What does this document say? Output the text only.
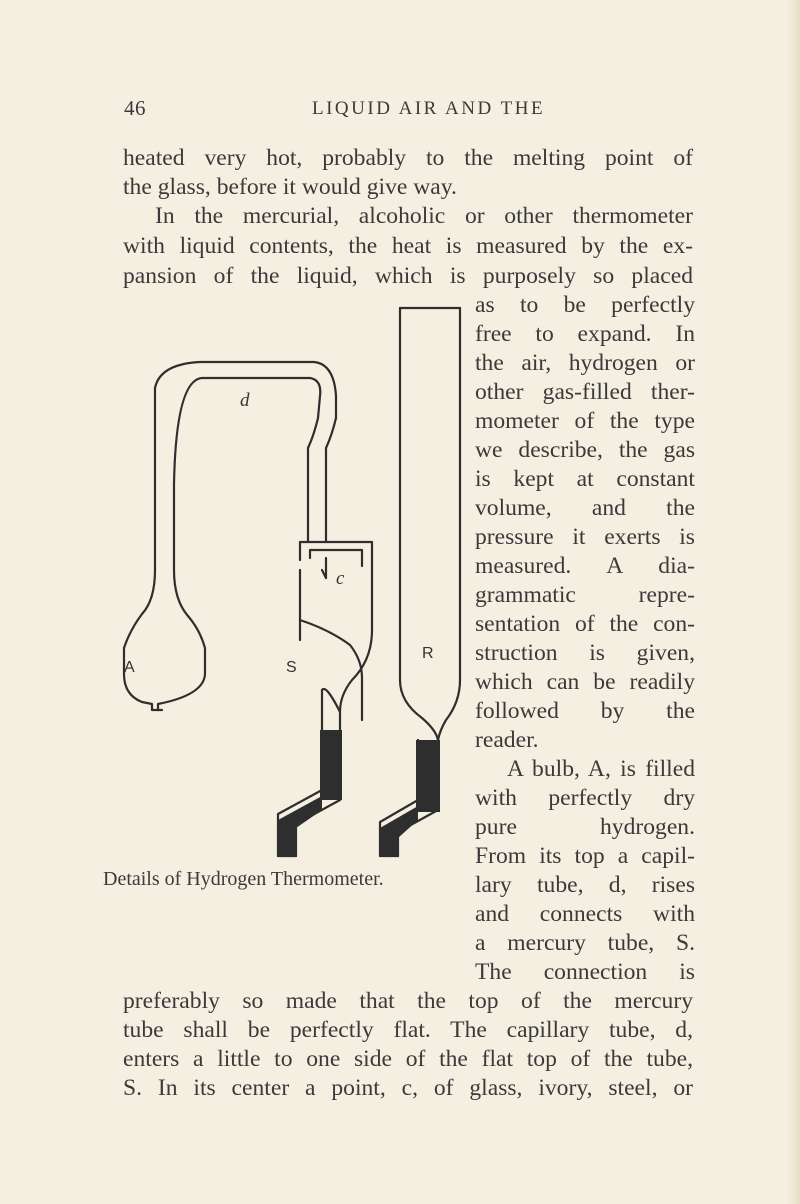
46	LIQUID AIR AND THE
heated very hot, probably to the melting point of
the glass, before it would give way.
In the mercurial, alcoholic or other thermometer
with liquid contents, the heat is measured by the ex-
pansion of the liquid, which is purposely so placed
as to be perfectly
free to expand. In
the air, hydrogen or
other gas-filled ther-
mometer of the type
we describe, the gas
is kept at constant
volume, and the
pressure it exerts is
measured. A dia-
grammatic repre-
sentation of the con-
struction is given,
which can be readily
followed by the
reader.
A bulb, A, is filled
with perfectly dry
pure hydrogen.
From its top a capil-
lary tube, d, rises
and connects with
a mercury tube, S.
The connection is
preferably so made that the top of the mercury
tube shall be perfectly flat. The capillary tube, d,
enters a little to one side of the flat top of the tube,
S. In its center a point, c, of glass, ivory, steel, or
d
c
A	S
R
Details of Hydrogen Thermometer.
